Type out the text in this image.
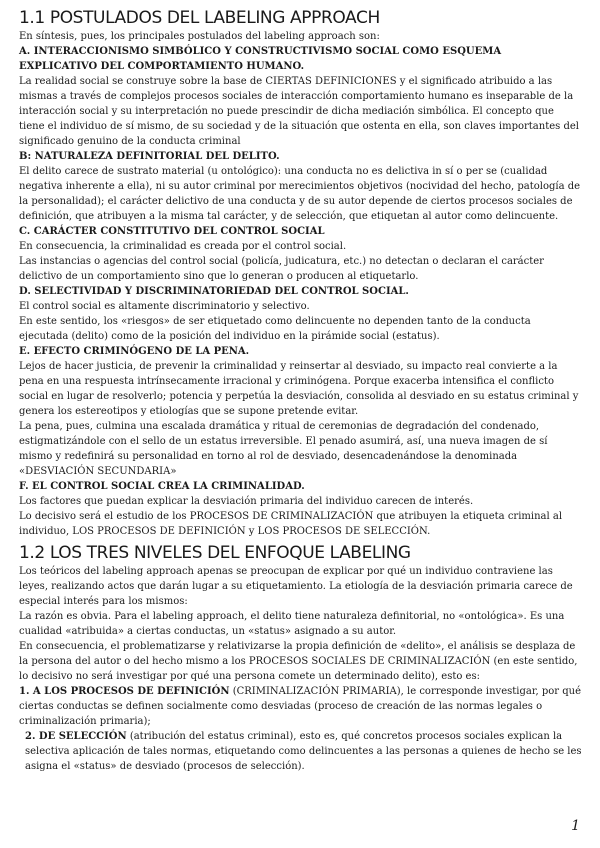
1.1 POSTULADOS DEL LABELING APPROACH

En síntesis, pues, los principales postulados del labeling approach son:

A. INTERACCIONISMO SIMBÓLICO Y CONSTRUCTIVISMO SOCIAL COMO ESQUEMA EXPLICATIVO DEL COMPORTAMIENTO HUMANO.

La realidad social se construye sobre la base de CIERTAS DEFINICIONES y el significado atribuido a las mismas a través de complejos procesos sociales de interacción comportamiento humano es inseparable de la interacción social y su interpretación no puede prescindir de dicha mediación simbólica. El concepto que tiene el individuo de sí mismo, de su sociedad y de la situación que ostenta en ella, son claves importantes del significado genuino de la conducta criminal

B: NATURALEZA DEFINITORIAL DEL DELITO.

El delito carece de sustrato material (u ontológico): una conducta no es delictiva in sí o per se (cualidad negativa inherente a ella), ni su autor criminal por merecimientos objetivos (nocividad del hecho, patología de la personalidad); el carácter delictivo de una conducta y de su autor depende de ciertos procesos sociales de definición, que atribuyen a la misma tal carácter, y de selección, que etiquetan al autor como delincuente.

C. CARÁCTER CONSTITUTIVO DEL CONTROL SOCIAL

En consecuencia, la criminalidad es creada por el control social.

Las instancias o agencias del control social (policía, judicatura, etc.) no detectan o declaran el carácter delictivo de un comportamiento sino que lo generan o producen al etiquetarlo.

D. SELECTIVIDAD Y DISCRIMINATORIEDAD DEL CONTROL SOCIAL.

El control social es altamente discriminatorio y selectivo.

En este sentido, los «riesgos» de ser etiquetado como delincuente no dependen tanto de la conducta ejecutada (delito) como de la posición del individuo en la pirámide social (estatus).

E. EFECTO CRIMINÓGENO DE LA PENA.

Lejos de hacer justicia, de prevenir la criminalidad y reinsertar al desviado, su impacto real convierte a la pena en una respuesta intrínsecamente irracional y criminógena. Porque exacerba intensifica el conflicto social en lugar de resolverlo; potencia y perpetúa la desviación, consolida al desviado en su estatus criminal y genera los estereotipos y etiologías que se supone pretende evitar.

La pena, pues, culmina una escalada dramática y ritual de ceremonias de degradación del condenado, estigmatizándole con el sello de un estatus irreversible. El penado asumirá, así, una nueva imagen de sí mismo y redefinirá su personalidad en torno al rol de desviado, desencadenándose la denominada «DESVIACIÓN SECUNDARIA»

F. EL CONTROL SOCIAL CREA LA CRIMINALIDAD.

Los factores que puedan explicar la desviación primaria del individuo carecen de interés.

Lo decisivo será el estudio de los PROCESOS DE CRIMINALIZACIÓN que atribuyen la etiqueta criminal al individuo, LOS PROCESOS DE DEFINICIÓN y LOS PROCESOS DE SELECCIÓN.

1.2 LOS TRES NIVELES DEL ENFOQUE LABELING

Los teóricos del labeling approach apenas se preocupan de explicar por qué un individuo contraviene las leyes, realizando actos que darán lugar a su etiquetamiento. La etiología de la desviación primaria carece de especial interés para los mismos:

La razón es obvia. Para el labeling approach, el delito tiene naturaleza definitorial, no «ontológica». Es una cualidad «atribuida» a ciertas conductas, un «status» asignado a su autor.

En consecuencia, el problematizarse y relativizarse la propia definición de «delito», el análisis se desplaza de la persona del autor o del hecho mismo a los PROCESOS SOCIALES DE CRIMINALIZACIÓN (en este sentido, lo decisivo no será investigar por qué una persona comete un determinado delito), esto es:

1. A LOS PROCESOS DE DEFINICIÓN (CRIMINALIZACIÓN PRIMARIA), le corresponde investigar, por qué ciertas conductas se definen socialmente como desviadas (proceso de creación de las normas legales o criminalización primaria);

2. DE SELECCIÓN (atribución del estatus criminal), esto es, qué concretos procesos sociales explican la selectiva aplicación de tales normas, etiquetando como delincuentes a las personas a quienes de hecho se les asigna el «status» de desviado (procesos de selección).

1
